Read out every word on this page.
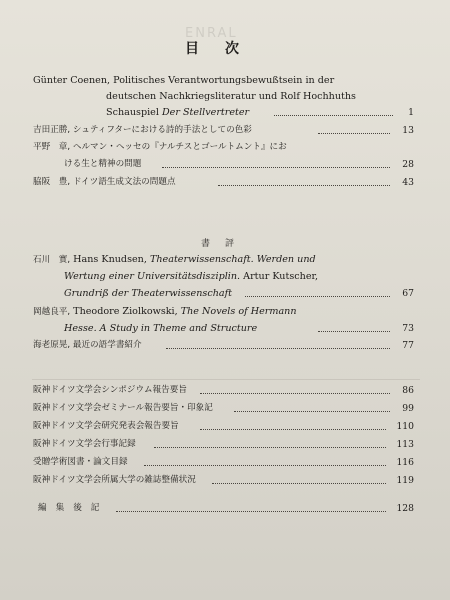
ENRAL
目次
Günter Coenen, Politisches Verantwortungsbewußtsein in der
deutschen Nachkriegsliteratur und Rolf Hochhuths
Schauspiel Der Stellvertreter	1
吉田正勝, シュティフターにおける詩的手法としての色彩	13
平野　章, ヘルマン・ヘッセの『ナルチスとゴールトムント』にお
ける生と精神の問題	28
脇阪　豊, ドイツ語生成文法の問題点	43
書評
石川　實, Hans Knudsen, Theaterwissenschaft. Werden und
Wertung einer Universitätsdisziplin. Artur Kutscher,
Grundriß der Theaterwissenschaft	67
岡越良平, Theodore Ziolkowski, The Novels of Hermann
Hesse. A Study in Theme and Structure	73
海老原晃, 最近の語学書紹介	77
阪神ドイツ文学会シンポジウム報告要旨	86
阪神ドイツ文学会ゼミナール報告要旨・印象記	99
阪神ドイツ文学会研究発表会報告要旨	110
阪神ドイツ文学会行事記録	113
受贈学術図書・論文目録	116
阪神ドイツ文学会所属大学の雑誌整備状況	119
編集後記	128
